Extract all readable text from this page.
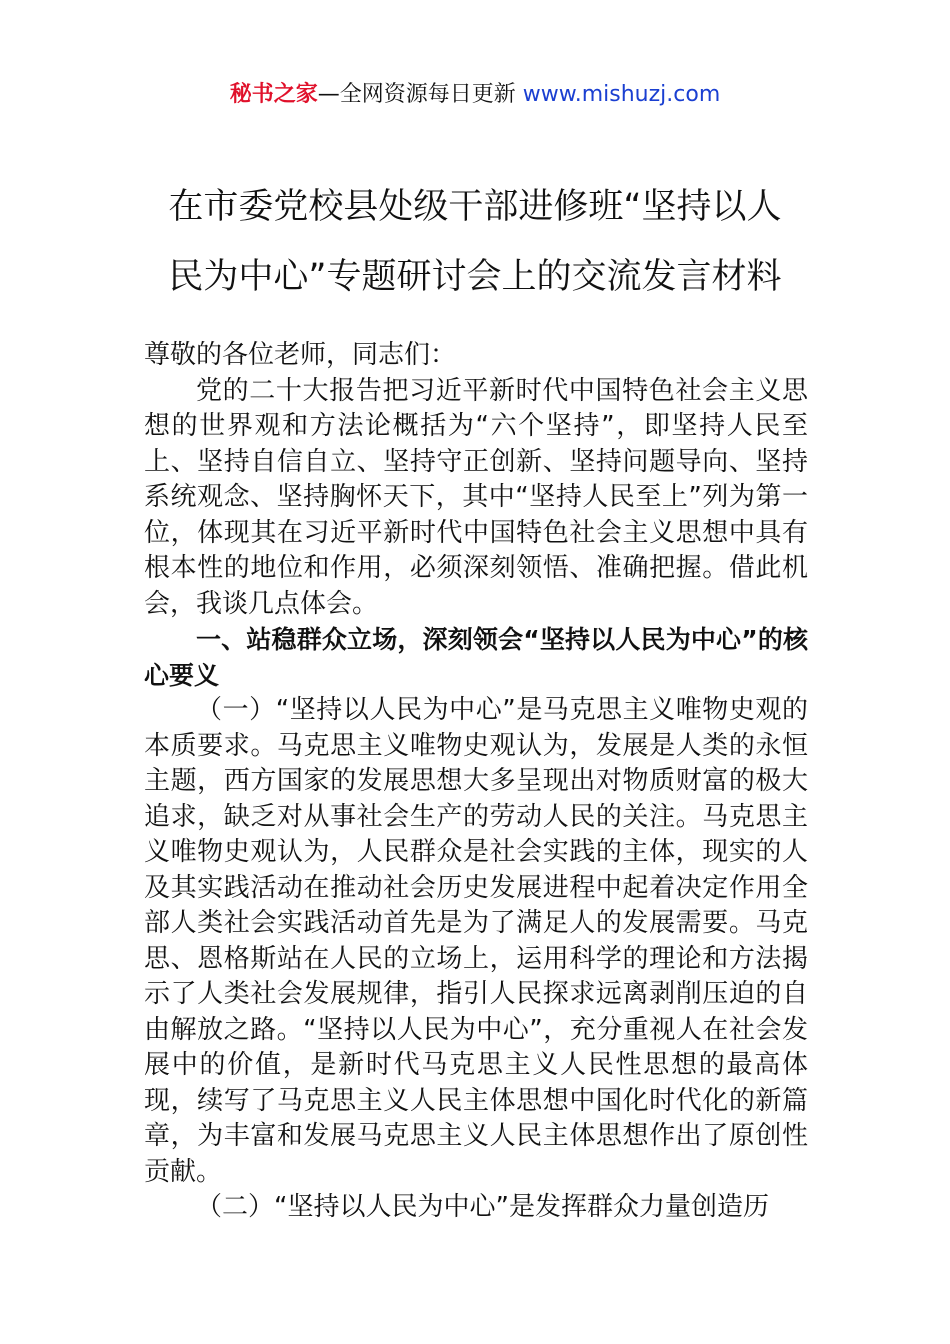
秘书之家—全网资源每日更新 www.mishuzj.com
在市委党校县处级干部进修班“坚持以人
民为中心”专题研讨会上的交流发言材料

尊敬的各位老师，同志们：

党的二十大报告把习近平新时代中国特色社会主义思想的世界观和方法论概括为“六个坚持”，即坚持人民至上、坚持自信自立、坚持守正创新、坚持问题导向、坚持系统观念、坚持胸怀天下，其中“坚持人民至上”列为第一位，体现其在习近平新时代中国特色社会主义思想中具有根本性的地位和作用，必须深刻领悟、准确把握。借此机会，我谈几点体会。

一、站稳群众立场，深刻领会“坚持以人民为中心”的核心要义

（一）“坚持以人民为中心”是马克思主义唯物史观的本质要求。马克思主义唯物史观认为，发展是人类的永恒主题，西方国家的发展思想大多呈现出对物质财富的极大追求，缺乏对从事社会生产的劳动人民的关注。马克思主义唯物史观认为，人民群众是社会实践的主体，现实的人及其实践活动在推动社会历史发展进程中起着决定作用全部人类社会实践活动首先是为了满足人的发展需要。马克思、恩格斯站在人民的立场上，运用科学的理论和方法揭示了人类社会发展规律，指引人民探求远离剥削压迫的自由解放之路。“坚持以人民为中心”，充分重视人在社会发展中的价值，是新时代马克思主义人民性思想的最高体现，续写了马克思主义人民主体思想中国化时代化的新篇章，为丰富和发展马克思主义人民主体思想作出了原创性贡献。

（二）“坚持以人民为中心”是发挥群众力量创造历
